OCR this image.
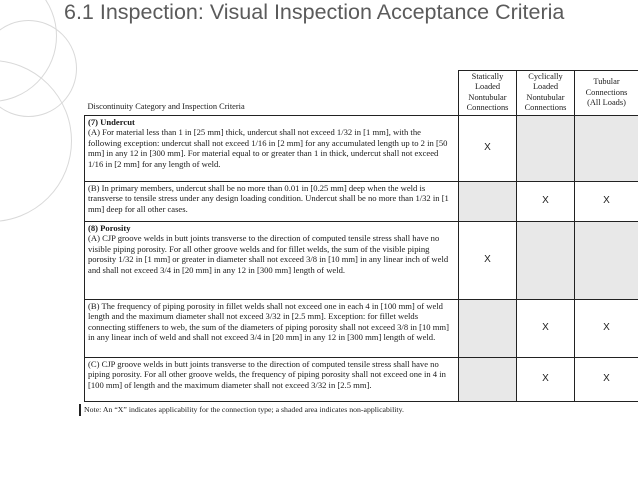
6.1 Inspection: Visual Inspection Acceptance Criteria
Discontinuity Category and Inspection Criteria	Statically Loaded Nontubular Connections	Cyclically Loaded Nontubular Connections	Tubular Connections (All Loads)

(7) Undercut
(A) For material less than 1 in [25 mm] thick, undercut shall not exceed 1/32 in [1 mm], with the following exception: undercut shall not exceed 1/16 in [2 mm] for any accumulated length up to 2 in [50 mm] in any 12 in [300 mm]. For material equal to or greater than 1 in thick, undercut shall not exceed 1/16 in [2 mm] for any length of weld.	X		
(B) In primary members, undercut shall be no more than 0.01 in [0.25 mm] deep when the weld is transverse to tensile stress under any design loading condition. Undercut shall be no more than 1/32 in [1 mm] deep for all other cases.		X	X

(8) Porosity
(A) CJP groove welds in butt joints transverse to the direction of computed tensile stress shall have no visible piping porosity. For all other groove welds and for fillet welds, the sum of the visible piping porosity 1/32 in [1 mm] or greater in diameter shall not exceed 3/8 in [10 mm] in any linear inch of weld and shall not exceed 3/4 in [20 mm] in any 12 in [300 mm] length of weld.	X		
(B) The frequency of piping porosity in fillet welds shall not exceed one in each 4 in [100 mm] of weld length and the maximum diameter shall not exceed 3/32 in [2.5 mm]. Exception: for fillet welds connecting stiffeners to web, the sum of the diameters of piping porosity shall not exceed 3/8 in [10 mm] in any linear inch of weld and shall not exceed 3/4 in [20 mm] in any 12 in [300 mm] length of weld.		X	X
(C) CJP groove welds in butt joints transverse to the direction of computed tensile stress shall have no piping porosity. For all other groove welds, the frequency of piping porosity shall not exceed one in 4 in [100 mm] of length and the maximum diameter shall not exceed 3/32 in [2.5 mm].		X	X
Note: An “X” indicates applicability for the connection type; a shaded area indicates non-applicability.
